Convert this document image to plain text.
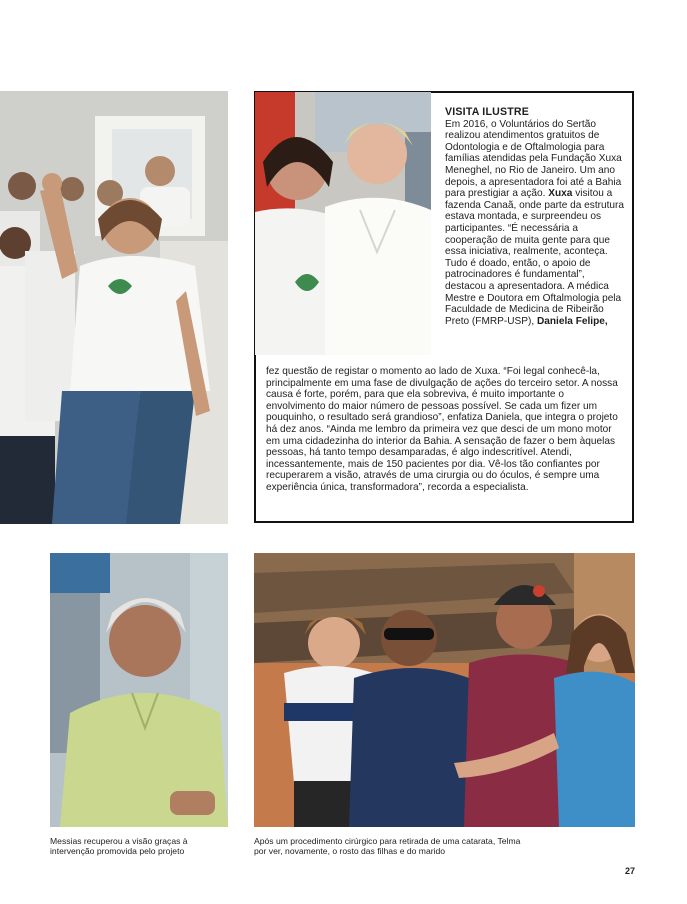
VISITA ILUSTRE
Em 2016, o Voluntários do Sertão realizou atendimentos gratuitos de Odontologia e de Oftalmologia para famílias atendidas pela Fundação Xuxa Meneghel, no Rio de Janeiro. Um ano depois, a apresentadora foi até a Bahia para prestigiar a ação. Xuxa visitou a fazenda Canaã, onde parte da estrutura estava montada, e surpreendeu os participantes. “É necessária a cooperação de muita gente para que essa iniciativa, realmente, aconteça. Tudo é doado, então, o apoio de patrocinadores é fundamental”, destacou a apresentadora. A médica Mestre e Doutora em Oftalmologia pela Faculdade de Medicina de Ribeirão Preto (FMRP-USP), Daniela Felipe,

fez questão de registar o momento ao lado de Xuxa. “Foi legal conhecê-la, principalmente em uma fase de divulgação de ações do terceiro setor. A nossa causa é forte, porém, para que ela sobreviva, é muito importante o envolvimento do maior número de pessoas possível. Se cada um fizer um pouquinho, o resultado será grandioso”, enfatiza Daniela, que integra o projeto há dez anos. “Ainda me lembro da primeira vez que desci de um mono motor em uma cidadezinha do interior da Bahia. A sensação de fazer o bem àquelas pessoas, há tanto tempo desamparadas, é algo indescritível. Atendi, incessantemente, mais de 150 pacientes por dia. Vê-los tão confiantes por recuperarem a visão, através de uma cirurgia ou do óculos, é sempre uma experiência única, transformadora”, recorda a especialista.

Messias recuperou a visão graças à intervenção promovida pelo projeto

Após um procedimento cirúrgico para retirada de uma catarata, Telma por ver, novamente, o rosto das filhas e do marido

27
